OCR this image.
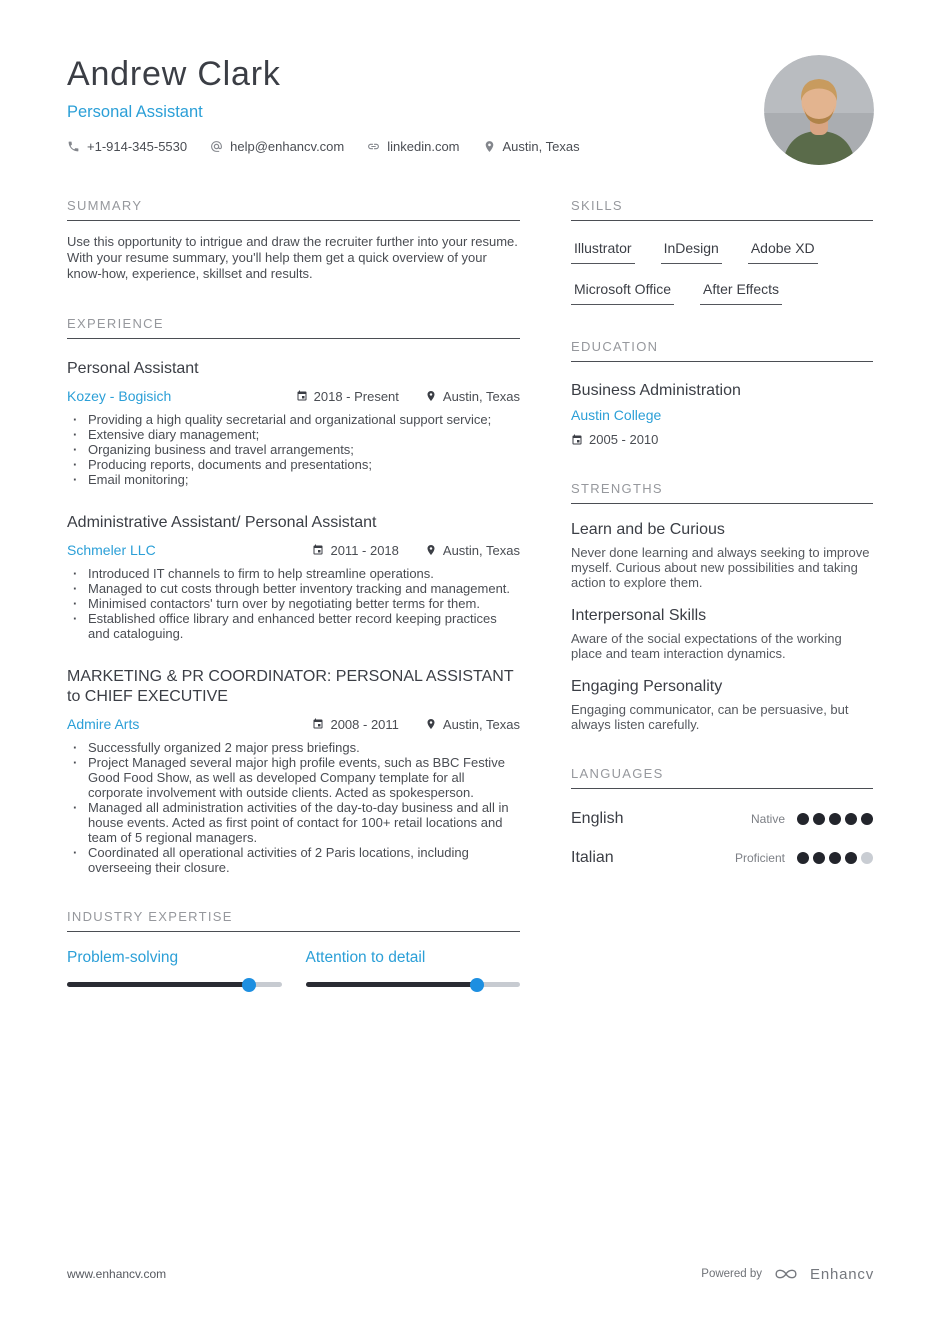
Andrew Clark
Personal Assistant
+1-914-345-5530	help@enhancv.com	linkedin.com	Austin, Texas
SUMMARY

Use this opportunity to intrigue and draw the recruiter further into your resume. With your resume summary, you'll help them get a quick overview of your know-how, experience, skillset and results.

EXPERIENCE
Personal Assistant
Kozey - Bogisich	2018 - Present	Austin, Texas
· Providing a high quality secretarial and organizational support service;
· Extensive diary management;
· Organizing business and travel arrangements;
· Producing reports, documents and presentations;
· Email monitoring;
Administrative Assistant/ Personal Assistant
Schmeler LLC	2011 - 2018	Austin, Texas
· Introduced IT channels to firm to help streamline operations.
· Managed to cut costs through better inventory tracking and management.
· Minimised contactors' turn over by negotiating better terms for them.
· Established office library and enhanced better record keeping practices and cataloguing.
MARKETING & PR COORDINATOR: PERSONAL ASSISTANT to CHIEF EXECUTIVE
Admire Arts	2008 - 2011	Austin, Texas
· Successfully organized 2 major press briefings.
· Project Managed several major high profile events, such as BBC Festive Good Food Show, as well as developed Company template for all corporate involvement with outside clients. Acted as spokesperson.
· Managed all administration activities of the day-to-day business and all in house events. Acted as first point of contact for 100+ retail locations and team of 5 regional managers.
· Coordinated all operational activities of 2 Paris locations, including overseeing their closure.
INDUSTRY EXPERTISE
Problem-solving	Attention to detail
SKILLS
Illustrator InDesign Adobe XD
Microsoft Office After Effects
EDUCATION
Business Administration
Austin College
2005 - 2010
STRENGTHS
Learn and be Curious
Never done learning and always seeking to improve myself. Curious about new possibilities and taking action to explore them.
Interpersonal Skills
Aware of the social expectations of the working place and team interaction dynamics.
Engaging Personality
Engaging communicator, can be persuasive, but always listen carefully.
LANGUAGES
English	Native
Italian	Proficient
www.enhancv.com	Powered by	Enhancv
